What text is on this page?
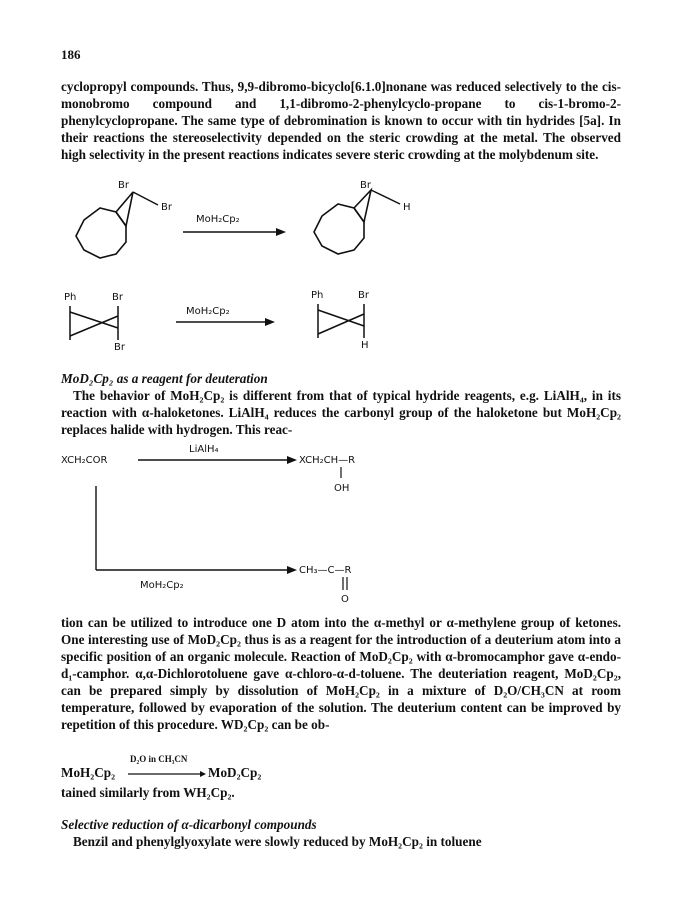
186
cyclopropyl compounds. Thus, 9,9-dibromo-bicyclo[6.1.0]nonane was reduced selectively to the cis-monobromo compound and 1,1-dibromo-2-phenylcyclo-propane to cis-1-bromo-2-phenylcyclopropane. The same type of debromination is known to occur with tin hydrides [5a]. In their reactions the stereoselectivity depended on the steric crowding at the metal. The observed high selectivity in the present reactions indicates severe steric crowding at the molybdenum site.
Br
Br
MoH₂Cp₂
Br
H
Ph	Br
Br
MoH₂Cp₂
Ph	Br
H
MoD₂Cp₂ as a reagent for deuteration
The behavior of MoH₂Cp₂ is different from that of typical hydride reagents, e.g. LiAlH₄, in its reaction with α-haloketones. LiAlH₄ reduces the carbonyl group of the haloketone but MoH₂Cp₂ replaces halide with hydrogen. This reac-
XCH₂COR
LiAlH₄
XCH₂CH—R
OH
MoH₂Cp₂
CH₃—C—R
O
tion can be utilized to introduce one D atom into the α-methyl or α-methylene group of ketones. One interesting use of MoD₂Cp₂ thus is as a reagent for the introduction of a deuterium atom into a specific position of an organic molecule. Reaction of MoD₂Cp₂ with α-bromocamphor gave α-endo-d₁-camphor. α,α-Dichlorotoluene gave α-chloro-α-d-toluene. The deuteriation reagent, MoD₂Cp₂, can be prepared simply by dissolution of MoH₂Cp₂ in a mixture of D₂O/CH₃CN at room temperature, followed by evaporation of the solution. The deuterium content can be improved by repetition of this procedure. WD₂Cp₂ can be ob-
MoH₂Cp₂
D₂O in CH₃CN
MoD₂Cp₂
tained similarly from WH₂Cp₂.
Selective reduction of α-dicarbonyl compounds
Benzil and phenylglyoxylate were slowly reduced by MoH₂Cp₂ in toluene
